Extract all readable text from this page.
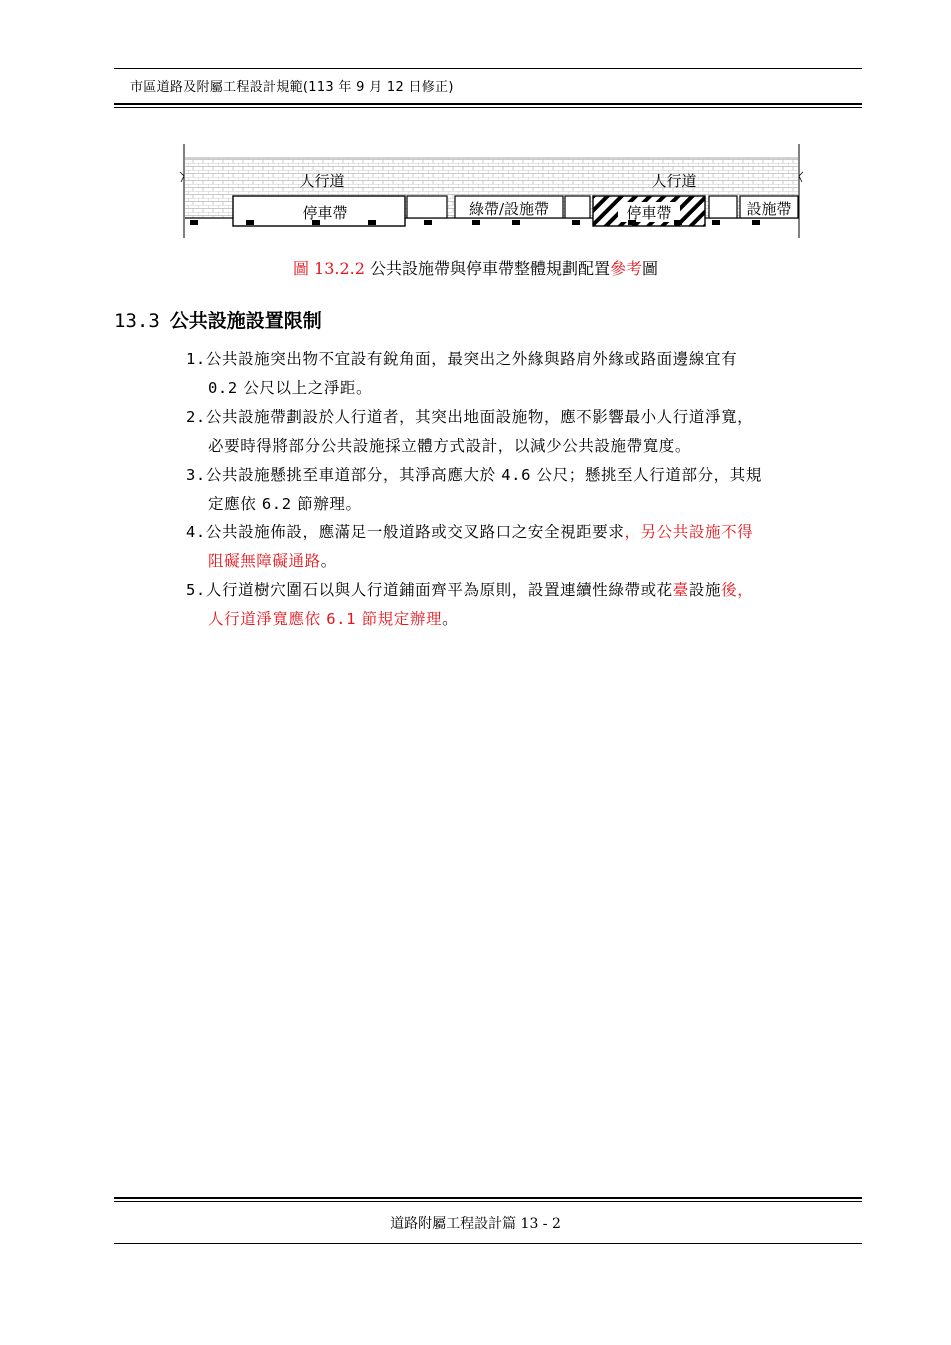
市區道路及附屬工程設計規範(113 年 9 月 12 日修正)
人行道	人行道
停車帶	綠帶/設施帶	停車帶	設施帶
圖 13.2.2 公共設施帶與停車帶整體規劃配置參考圖
13.3 公共設施設置限制
1.公共設施突出物不宜設有銳角面，最突出之外緣與路肩外緣或路面邊線宜有
0.2 公尺以上之淨距。
2.公共設施帶劃設於人行道者，其突出地面設施物，應不影響最小人行道淨寬，
必要時得將部分公共設施採立體方式設計，以減少公共設施帶寬度。
3.公共設施懸挑至車道部分，其淨高應大於 4.6 公尺；懸挑至人行道部分，其規
定應依 6.2 節辦理。
4.公共設施佈設，應滿足一般道路或交叉路口之安全視距要求，另公共設施不得
阻礙無障礙通路。
5.人行道樹穴圍石以與人行道鋪面齊平為原則，設置連續性綠帶或花臺設施後，
人行道淨寬應依 6.1 節規定辦理。
道路附屬工程設計篇 13 - 2
